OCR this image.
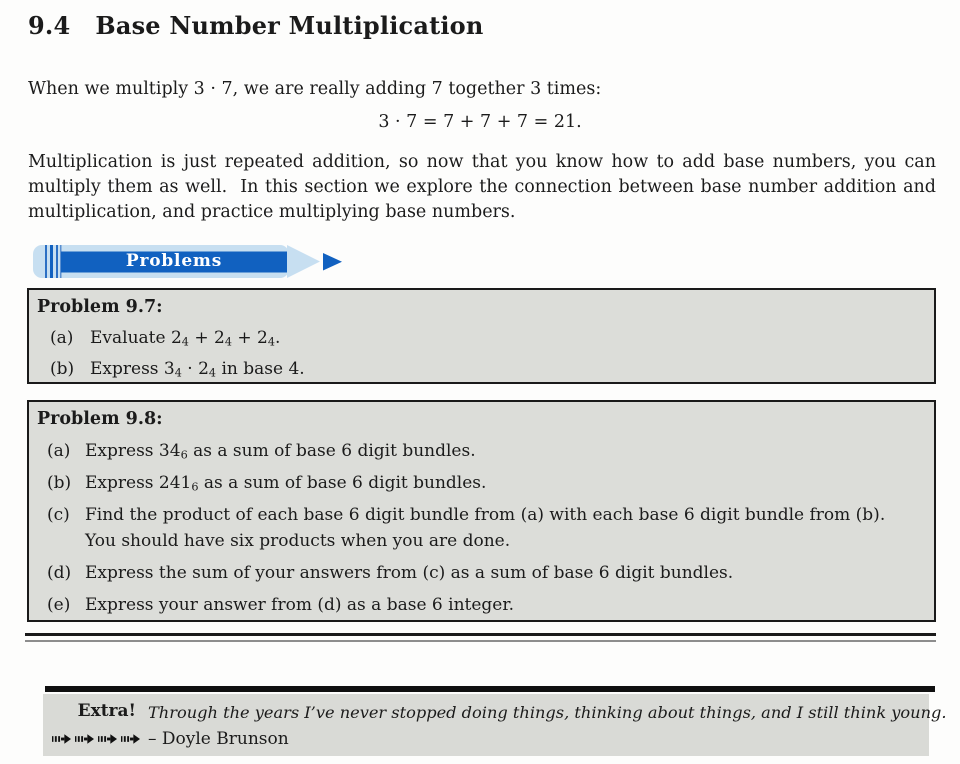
9.4 Base Number Multiplication
When we multiply 3 · 7, we are really adding 7 together 3 times:
3 · 7 = 7 + 7 + 7 = 21.
Multiplication is just repeated addition, so now that you know how to add base numbers, you can
multiply them as well.  In this section we explore the connection between base number addition and
multiplication, and practice multiplying base numbers.
Problems
Problem 9.7:
(a) Evaluate $2_4 + 2_4 + 2_4$.
(b) Express $3_4 \cdot 2_4$ in base 4.
Problem 9.8:
(a) Express $34_6$ as a sum of base 6 digit bundles.
(b) Express $241_6$ as a sum of base 6 digit bundles.
(c) Find the product of each base 6 digit bundle from (a) with each base 6 digit bundle from (b).
You should have six products when you are done.
(d) Express the sum of your answers from (c) as a sum of base 6 digit bundles.
(e) Express your answer from (d) as a base 6 integer.
Extra! Through the years I’ve never stopped doing things, thinking about things, and I still think young.
– Doyle Brunson
